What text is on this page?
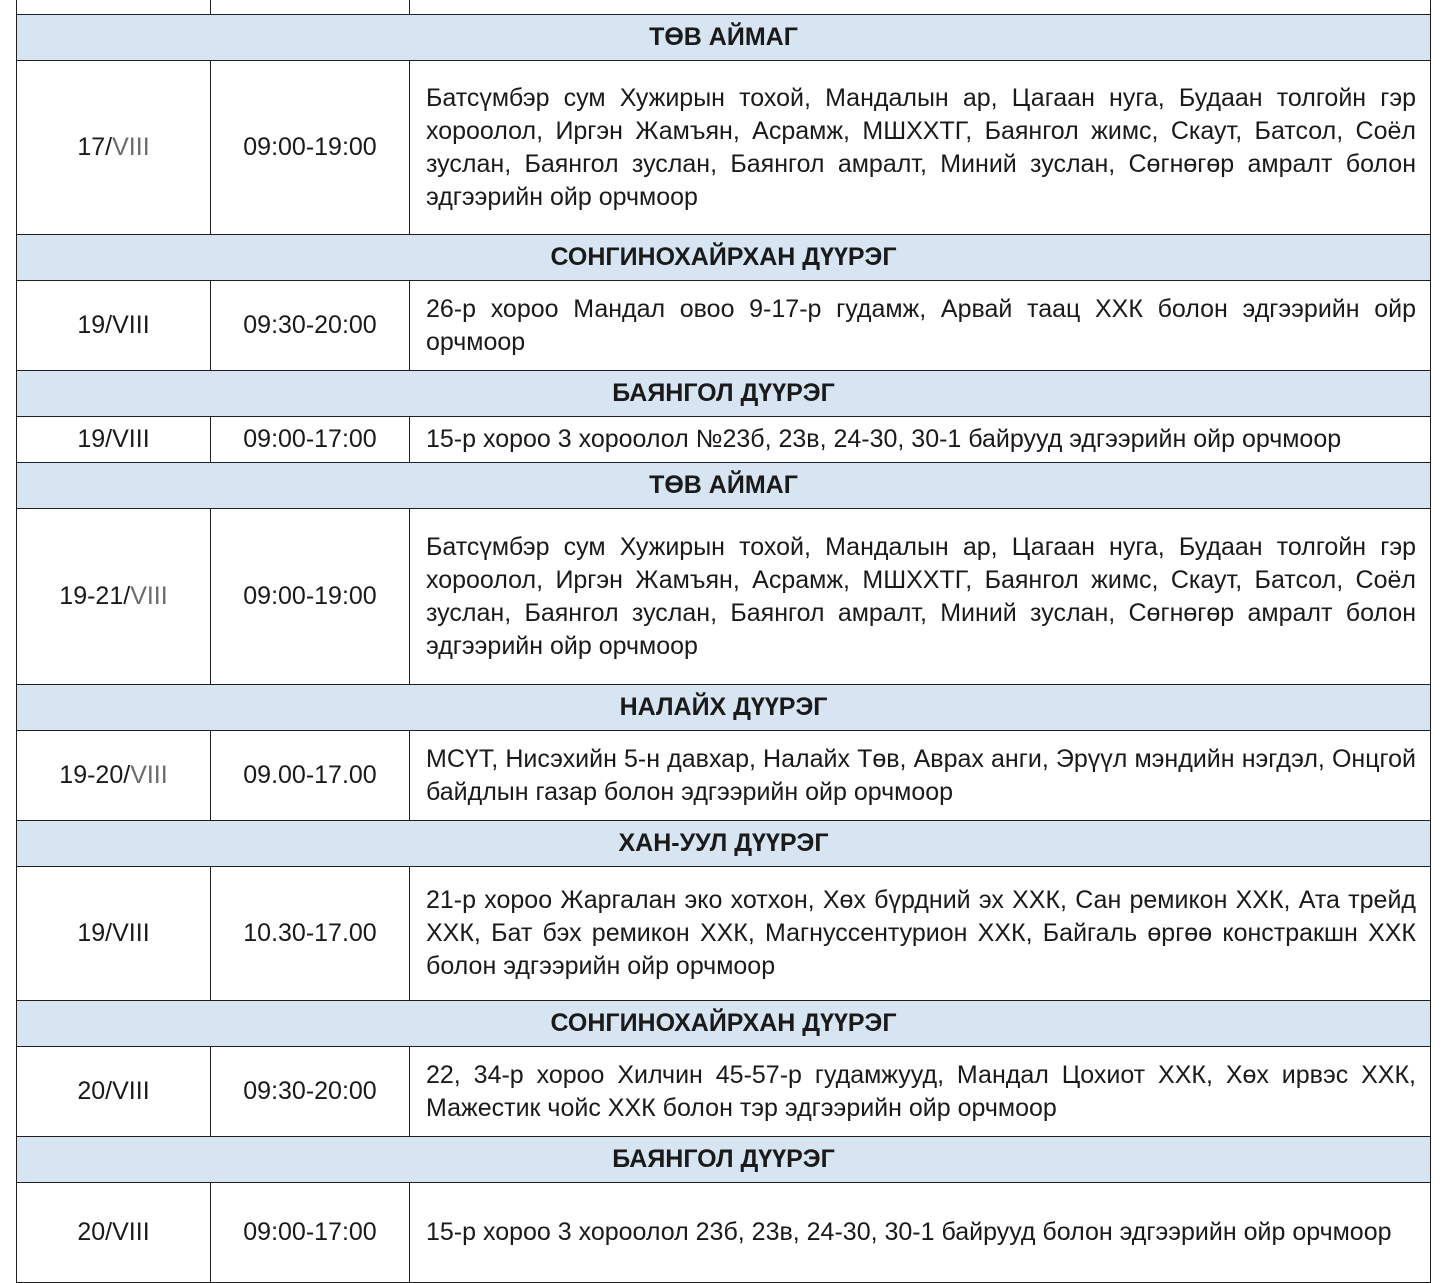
ТӨВ АЙМАГ		
17/VIII	09:00-19:00	Батсүмбэр сум Хужирын тохой, Мандалын ар, Цагаан нуга, Будаан толгойн гэр хороолол, Иргэн Жамъян, Асрамж, МШХХТГ, Баянгол жимс, Скаут, Батсол, Соёл зуслан, Баянгол зуслан, Баянгол амралт, Миний зуслан, Сөгнөгөр амралт болон эдгээрийн ойр орчмоор
СОНГИНОХАЙРХАН ДҮҮРЭГ		
19/VIII	09:30-20:00	26-р хороо Мандал овоо 9-17-р гудамж, Арвай таац ХХК болон эдгээрийн ойр орчмоор
БАЯНГОЛ ДҮҮРЭГ		
19/VIII	09:00-17:00	15-р хороо 3 хороолол №23б, 23в, 24-30, 30-1 байрууд эдгээрийн ойр орчмоор
ТӨВ АЙМАГ		
19-21/VIII	09:00-19:00	Батсүмбэр сум Хужирын тохой, Мандалын ар, Цагаан нуга, Будаан толгойн гэр хороолол, Иргэн Жамъян, Асрамж, МШХХТГ, Баянгол жимс, Скаут, Батсол, Соёл зуслан, Баянгол зуслан, Баянгол амралт, Миний зуслан, Сөгнөгөр амралт болон эдгээрийн ойр орчмоор
НАЛАЙХ ДҮҮРЭГ		
19-20/VIII	09.00-17.00	МСҮТ, Нисэхийн 5-н давхар, Налайх Төв, Аврах анги, Эрүүл мэндийн нэгдэл, Онцгой байдлын газар болон эдгээрийн ойр орчмоор
ХАН-УУЛ ДҮҮРЭГ		
19/VIII	10.30-17.00	21-р хороо Жаргалан эко хотхон, Хөх бүрдний эх ХХК, Сан ремикон ХХК, Ата трейд ХХК, Бат бэх ремикон ХХК, Магнуссентурион ХХК, Байгаль өргөө констракшн ХХК болон эдгээрийн ойр орчмоор
СОНГИНОХАЙРХАН ДҮҮРЭГ		
20/VIII	09:30-20:00	22, 34-р хороо Хилчин 45-57-р гудамжууд, Мандал Цохиот ХХК, Хөх ирвэс ХХК, Мажестик чойс ХХК болон тэр эдгээрийн ойр орчмоор
БАЯНГОЛ ДҮҮРЭГ		
20/VIII	09:00-17:00	15-р хороо 3 хороолол 23б, 23в, 24-30, 30-1 байрууд болон эдгээрийн ойр орчмоор
